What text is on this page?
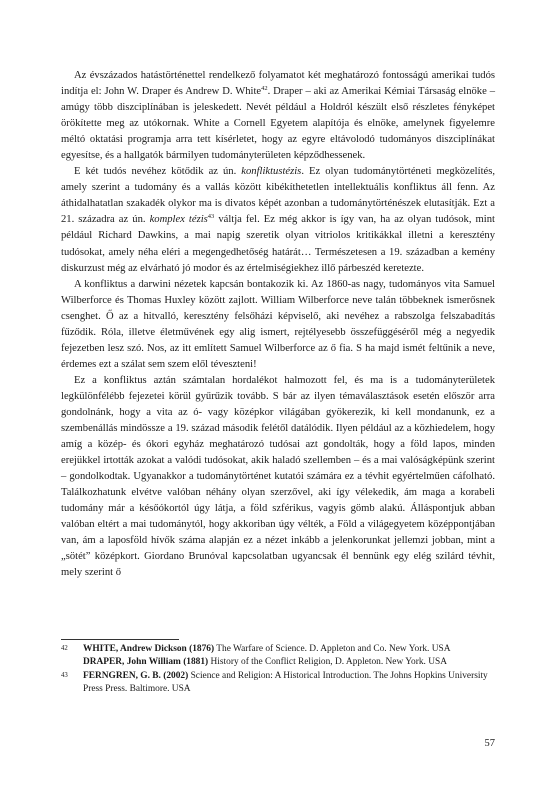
Az évszázados hatástörténettel rendelkező folyamatot két meghatározó fontosságú amerikai tudós indítja el: John W. Draper és Andrew D. White$^{42}$. Draper – aki az Amerikai Kémiai Társaság elnöke – amúgy több diszciplínában is jeleskedett. Nevét például a Holdról készült első részletes fényképet örökítette meg az utókornak. White a Cornell Egyetem alapítója és elnöke, amelynek figyelemre méltó oktatási programja arra tett kísérletet, hogy az egyre eltávolodó tudományos diszciplínákat egyesítse, és a hallgatók bármilyen tudományterületen képződhessenek.

E két tudós nevéhez kötődik az ún. konfliktustézis. Ez olyan tudománytörténeti megközelítés, amely szerint a tudomány és a vallás között kibékíthetetlen intellektuális konfliktus áll fenn. Az áthidalhatatlan szakadék olykor ma is divatos képét azonban a tudománytörténészek elutasítják. Ezt a 21. századra az ún. komplex tézis$^{43}$ váltja fel. Ez még akkor is így van, ha az olyan tudósok, mint például Richard Dawkins, a mai napig szeretik olyan vitriolos kritikákkal illetni a keresztény tudósokat, amely néha eléri a megengedhetőség határát… Természetesen a 19. században a kemény diskurzust még az elvárható jó modor és az értelmiségiekhez illő párbeszéd keretezte.

A konfliktus a darwini nézetek kapcsán bontakozik ki. Az 1860-as nagy, tudományos vita Samuel Wilberforce és Thomas Huxley között zajlott. William Wilberforce neve talán többeknek ismerősnek csenghet. Ő az a hitvalló, keresztény felsőházi képviselő, aki nevéhez a rabszolga felszabadítás fűződik. Róla, illetve életművének egy alig ismert, rejtélyesebb összefüggéséről még a negyedik fejezetben lesz szó. Nos, az itt említett Samuel Wilberforce az ő fia. S ha majd ismét feltűnik a neve, érdemes ezt a szálat sem szem elől téveszteni!

Ez a konfliktus aztán számtalan hordalékot halmozott fel, és ma is a tudományterületek legkülönfélébb fejezetei körül gyűrűzik tovább. S bár az ilyen témaválasztások esetén először arra gondolnánk, hogy a vita az ó- vagy középkor világában gyökerezik, ki kell mondanunk, ez a szembenállás mindössze a 19. század második felétől datálódik. Ilyen például az a közhiedelem, hogy amíg a közép- és ókori egyház meghatározó tudósai azt gondolták, hogy a föld lapos, minden erejükkel irtották azokat a valódi tudósokat, akik haladó szellemben – és a mai valóságképünk szerint – gondolkodtak. Ugyanakkor a tudománytörténet kutatói számára ez a tévhit egyértelműen cáfolható. Találkozhatunk elvétve valóban néhány olyan szerzővel, aki így vélekedik, ám maga a korabeli tudomány már a későókortól úgy látja, a föld szférikus, vagyis gömb alakú. Álláspontjuk abban valóban eltért a mai tudománytól, hogy akkoriban úgy vélték, a Föld a világegyetem középpontjában van, ám a laposföld hívők száma alapján ez a nézet inkább a jelenkorunkat jellemzi jobban, mint a „sötét” középkort. Giordano Brunóval kapcsolatban ugyancsak él bennünk egy elég szilárd tévhit, mely szerint ő

42 WHITE, Andrew Dickson (1876) The Warfare of Science. D. Appleton and Co. New York. USA
DRAPER, John William (1881) History of the Conflict Religion, D. Appleton. New York. USA
43 FERNGREN, G. B. (2002) Science and Religion: A Historical Introduction. The Johns Hopkins University Press Press. Baltimore. USA
57
